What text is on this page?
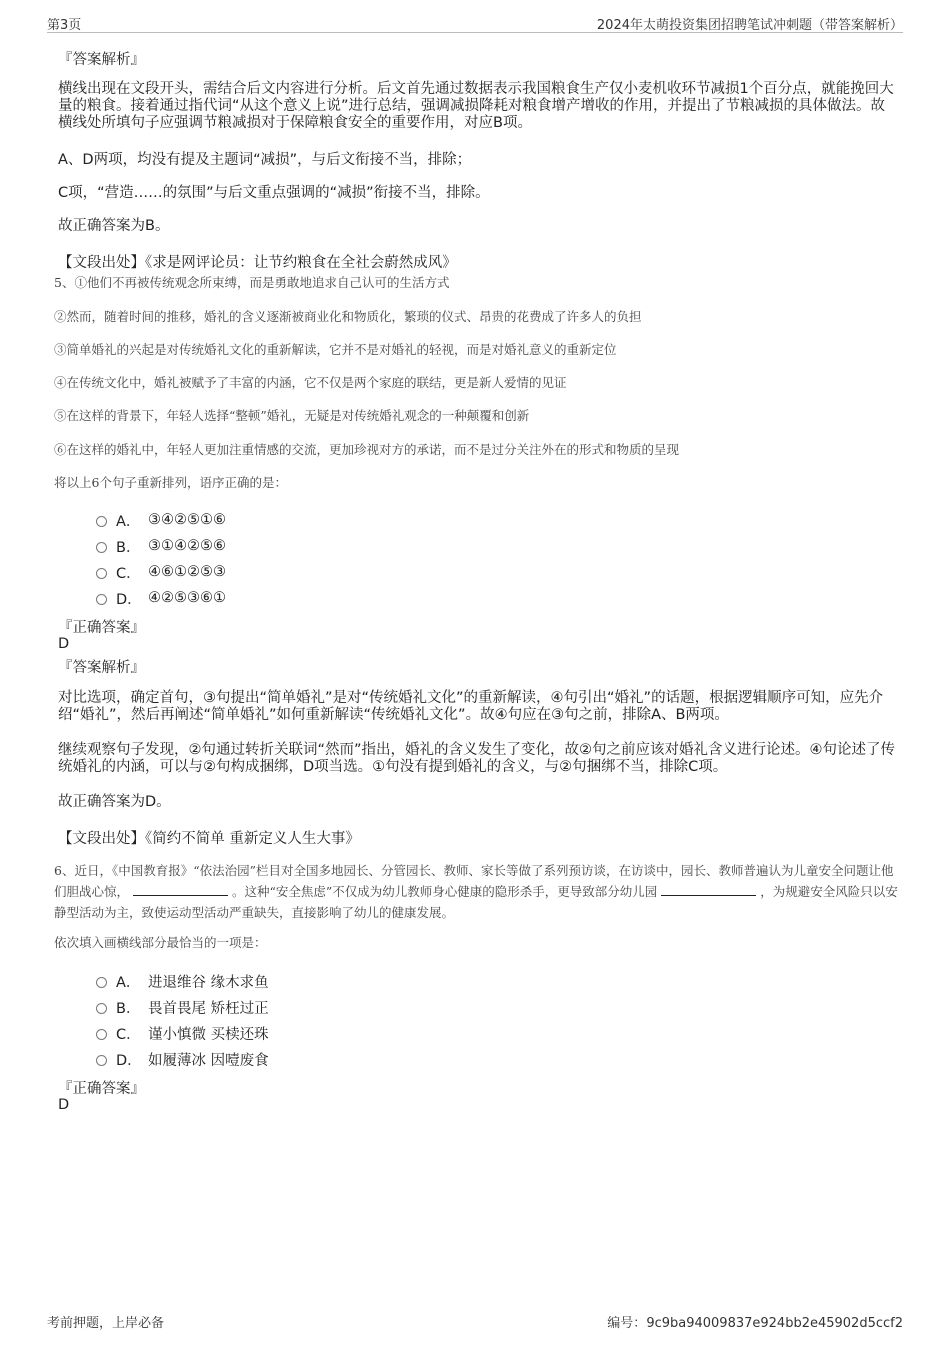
第3页	2024年太萌投资集团招聘笔试冲刺题（带答案解析）
『答案解析』
横线出现在文段开头，需结合后文内容进行分析。后文首先通过数据表示我国粮食生产仅小麦机收环节减损1个百分点，就能挽回大量的粮食。接着通过指代词“从这个意义上说”进行总结，强调减损降耗对粮食增产增收的作用，并提出了节粮减损的具体做法。故横线处所填句子应强调节粮减损对于保障粮食安全的重要作用，对应B项。
A、D两项，均没有提及主题词“减损”，与后文衔接不当，排除；
C项，“营造……的氛围”与后文重点强调的“减损”衔接不当，排除。
故正确答案为B。
【文段出处】《求是网评论员：让节约粮食在全社会蔚然成风》
5、①他们不再被传统观念所束缚，而是勇敢地追求自己认可的生活方式
②然而，随着时间的推移，婚礼的含义逐渐被商业化和物质化，繁琐的仪式、昂贵的花费成了许多人的负担
③简单婚礼的兴起是对传统婚礼文化的重新解读，它并不是对婚礼的轻视，而是对婚礼意义的重新定位
④在传统文化中，婚礼被赋予了丰富的内涵，它不仅是两个家庭的联结，更是新人爱情的见证
⑤在这样的背景下，年轻人选择“整顿”婚礼，无疑是对传统婚礼观念的一种颠覆和创新
⑥在这样的婚礼中，年轻人更加注重情感的交流，更加珍视对方的承诺，而不是过分关注外在的形式和物质的呈现
将以上6个句子重新排列，语序正确的是：
A． ③④②⑤①⑥
B． ③①④②⑤⑥
C． ④⑥①②⑤③
D． ④②⑤③⑥①
『正确答案』
D
『答案解析』
对比选项，确定首句，③句提出“简单婚礼”是对“传统婚礼文化”的重新解读，④句引出“婚礼”的话题，根据逻辑顺序可知，应先介绍“婚礼”，然后再阐述“简单婚礼”如何重新解读“传统婚礼文化”。故④句应在③句之前，排除A、B两项。
继续观察句子发现，②句通过转折关联词“然而”指出，婚礼的含义发生了变化，故②句之前应该对婚礼含义进行论述。④句论述了传统婚礼的内涵，可以与②句构成捆绑，D项当选。①句没有提到婚礼的含义，与②句捆绑不当，排除C项。
故正确答案为D。
【文段出处】《简约不简单 重新定义人生大事》
6、近日，《中国教育报》“依法治园”栏目对全国多地园长、分管园长、教师、家长等做了系列预访谈，在访谈中，园长、教师普遍认为儿童安全问题让他们胆战心惊，	。这种“安全焦虑”不仅成为幼儿教师身心健康的隐形杀手，更导致部分幼儿园	，为规避安全风险只以安静型活动为主，致使运动型活动严重缺失，直接影响了幼儿的健康发展。
依次填入画横线部分最恰当的一项是：
A． 进退维谷 缘木求鱼
B． 畏首畏尾 矫枉过正
C． 谨小慎微 买椟还珠
D． 如履薄冰 因噎废食
『正确答案』
D
考前押题，上岸必备	编号：9c9ba94009837e924bb2e45902d5ccf2
